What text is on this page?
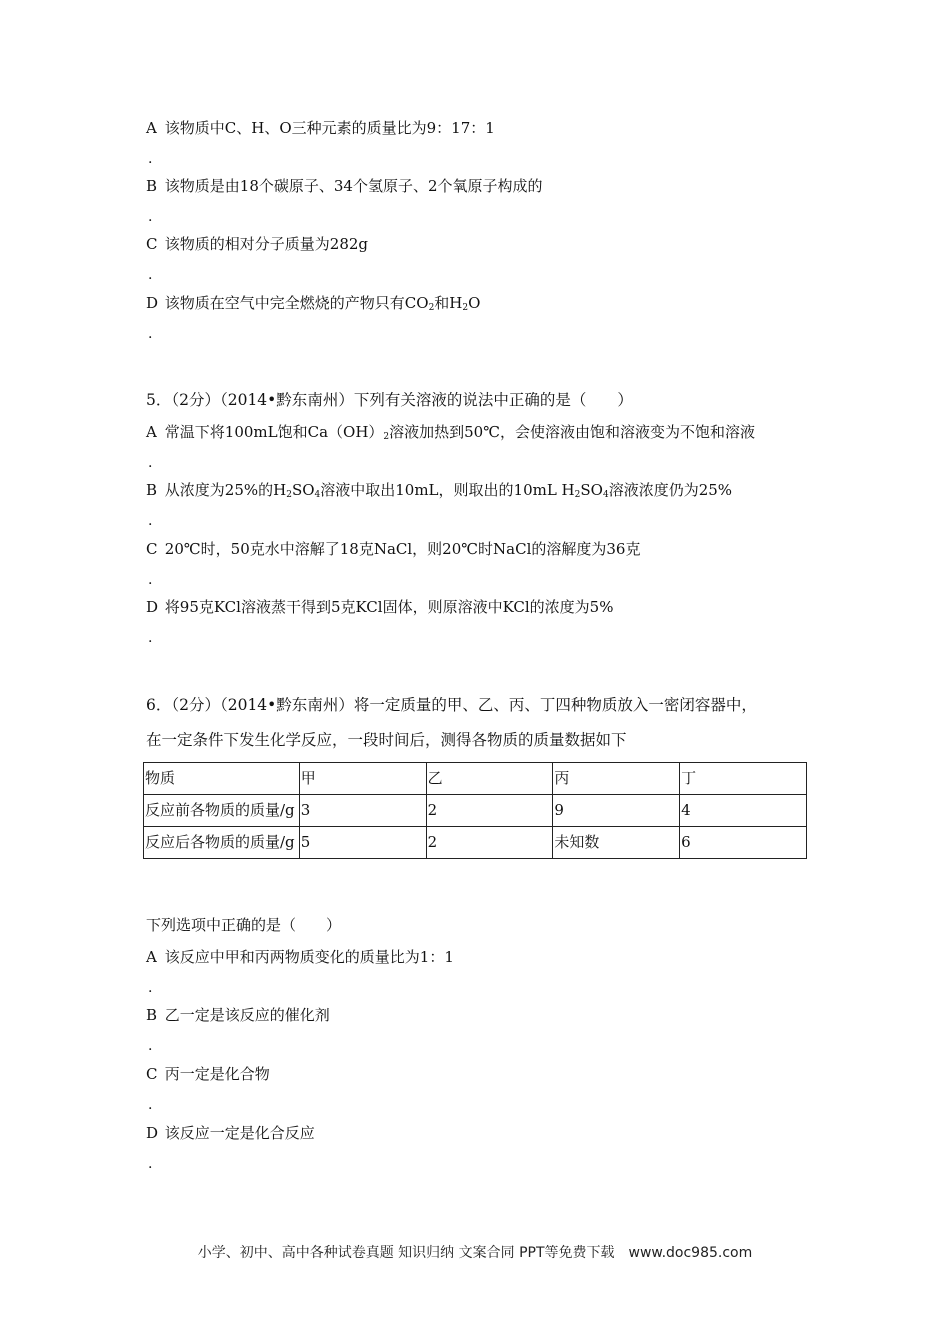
A 该物质中C、H、O三种元素的质量比为9：17：1
.
B 该物质是由18个碳原子、34个氢原子、2个氧原子构成的
.
C 该物质的相对分子质量为282g
.
D 该物质在空气中完全燃烧的产物只有$CO_2$和$H_2O$
.
5．（2分）（2014•黔东南州）下列有关溶液的说法中正确的是（　　）
A 常温下将100mL饱和$Ca(OH)_2$溶液加热到50℃，会使溶液由饱和溶液变为不饱和溶液
.
B 从浓度为25%的$H_2SO_4$溶液中取出10mL，则取出的10mL $H_2SO_4$溶液浓度仍为25%
.
C 20℃时，50克水中溶解了18克NaCl，则20℃时NaCl的溶解度为36克
.
D 将95克KCl溶液蒸干得到5克KCl固体，则原溶液中KCl的浓度为5%
.
6．（2分）（2014•黔东南州）将一定质量的甲、乙、丙、丁四种物质放入一密闭容器中，
在一定条件下发生化学反应，一段时间后，测得各物质的质量数据如下
物质	甲	乙	丙	丁
反应前各物质的质量/g	3	2	9	4
反应后各物质的质量/g	5	2	未知数	6
下列选项中正确的是（　　）
A 该反应中甲和丙两物质变化的质量比为1：1
.
B 乙一定是该反应的催化剂
.
C 丙一定是化合物
.
D 该反应一定是化合反应
.
小学、初中、高中各种试卷真题 知识归纳 文案合同 PPT等免费下载　www.doc985.com
